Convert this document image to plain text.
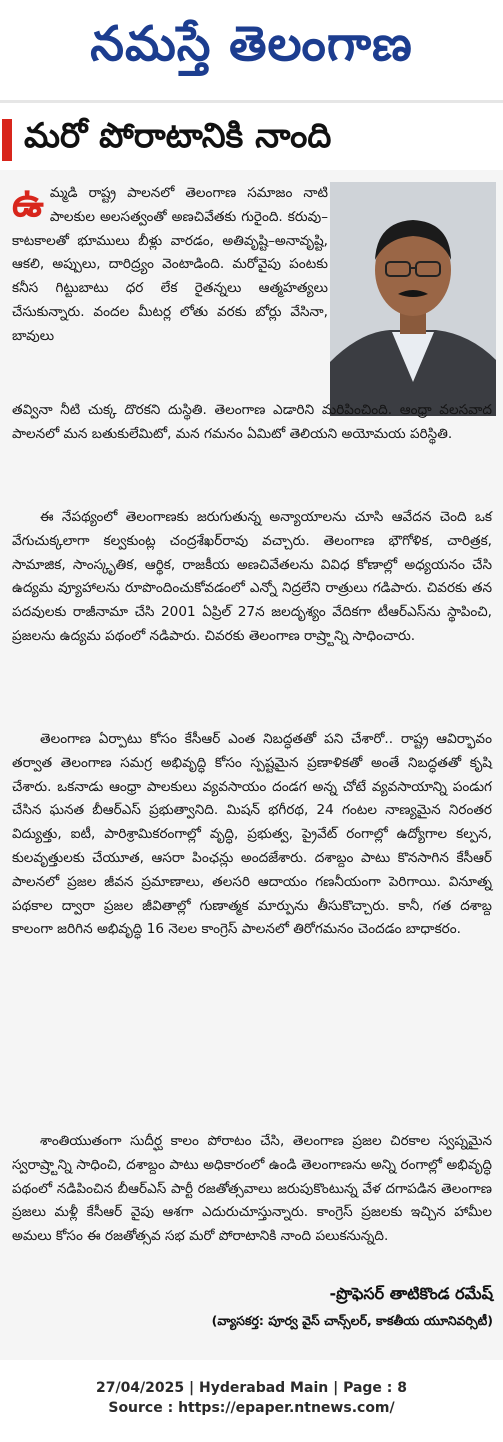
నమస్తే తెలంగాణ
మరో పోరాటానికి నాంది
ఉ మ్మడి రాష్ట్ర పాలనలో తెలంగాణ సమాజం నాటి పాలకుల అలసత్వంతో అణచివేతకు గురైంది. కరువు– కాటకాలతో భూములు బీళ్లు వారడం, అతివృష్టి–అనావృష్టి, ఆకలి, అప్పులు, దారిద్ర్యం వెంటాడింది. మరోవైపు పంటకు కనీస గిట్టుబాటు ధర లేక రైతన్నలు ఆత్మహత్యలు చేసుకున్నారు. వందల మీటర్ల లోతు వరకు బోర్లు వేసినా, బావులు
తవ్వినా నీటి చుక్క దొరకని దుస్థితి. తెలంగాణ ఎడారిని మరిపించింది. ఆంధ్రా వలసవాద పాలనలో మన బతుకులేమిటో, మన గమనం ఏమిటో తెలియని అయోమయ పరిస్థితి.
ఈ నేపథ్యంలో తెలంగాణకు జరుగుతున్న అన్యాయాలను చూసి ఆవేదన చెంది ఒక వేగుచుక్కలాగా కల్వకుంట్ల చంద్రశేఖర్‌రావు వచ్చారు. తెలంగాణ భౌగోళిక, చారిత్రక, సామాజిక, సాంస్కృతిక, ఆర్థిక, రాజకీయ అణచివేతలను వివిధ కోణాల్లో అధ్యయనం చేసి ఉద్యమ వ్యూహాలను రూపొందించుకోవడంలో ఎన్నో నిద్రలేని రాత్రులు గడిపారు. చివరకు తన పదవులకు రాజీనామా చేసి 2001 ఏప్రిల్ 27న జలదృశ్యం వేదికగా టీఆర్‌ఎస్‌ను స్థాపించి, ప్రజలను ఉద్యమ పథంలో నడిపారు. చివరకు తెలంగాణ రాష్ర్టాన్ని సాధించారు.
తెలంగాణ ఏర్పాటు కోసం కేసీఆర్ ఎంత నిబద్ధతతో పని చేశారో.. రాష్ట్ర ఆవిర్భావం తర్వాత తెలంగాణ సమగ్ర అభివృద్ధి కోసం స్పష్టమైన ప్రణాళికతో అంతే నిబద్ధతతో కృషి చేశారు. ఒకనాడు ఆంధ్రా పాలకులు వ్యవసాయం దండగ అన్న చోటే వ్యవసాయాన్ని పండుగ చేసిన ఘనత బీఆర్‌ఎస్ ప్రభుత్వానిది. మిషన్ భగీరథ, 24 గంటల నాణ్యమైన నిరంతర విద్యుత్తు, ఐటీ, పారిశ్రామికరంగాల్లో వృద్ధి, ప్రభుత్వ, ప్రైవేట్ రంగాల్లో ఉద్యోగాల కల్పన, కులవృత్తులకు చేయూత, ఆసరా పింఛన్లు అందజేశారు. దశాబ్దం పాటు కొనసాగిన కేసీఆర్ పాలనలో ప్రజల జీవన ప్రమాణాలు, తలసరి ఆదాయం గణనీయంగా పెరిగాయి. వినూత్న పథకాల ద్వారా ప్రజల జీవితాల్లో గుణాత్మక మార్పును తీసుకొచ్చారు. కానీ, గత దశాబ్ద కాలంగా జరిగిన అభివృద్ధి 16 నెలల కాంగ్రెస్ పాలనలో తిరోగమనం చెందడం బాధాకరం.
శాంతియుతంగా సుదీర్ఘ కాలం పోరాటం చేసి, తెలంగాణ ప్రజల చిరకాల స్వప్నమైన స్వరాష్ర్టాన్ని సాధించి, దశాబ్దం పాటు అధికారంలో ఉండి తెలంగాణను అన్ని రంగాల్లో అభివృద్ధి పథంలో నడిపించిన బీఆర్‌ఎస్ పార్టీ రజతోత్సవాలు జరుపుకొంటున్న వేళ దగాపడిన తెలంగాణ ప్రజలు మళ్లీ కేసీఆర్ వైపు ఆశగా ఎదురుచూస్తున్నారు. కాంగ్రెస్ ప్రజలకు ఇచ్చిన హామీల అమలు కోసం ఈ రజతోత్సవ సభ మరో పోరాటానికి నాంది పలుకనున్నది.
-ప్రొఫెసర్ తాటికొండ రమేష్
(వ్యాసకర్త: పూర్వ వైస్ చాన్స్‌లర్, కాకతీయ యూనివర్సిటీ)
27/04/2025 | Hyderabad Main | Page : 8
Source : https://epaper.ntnews.com/
